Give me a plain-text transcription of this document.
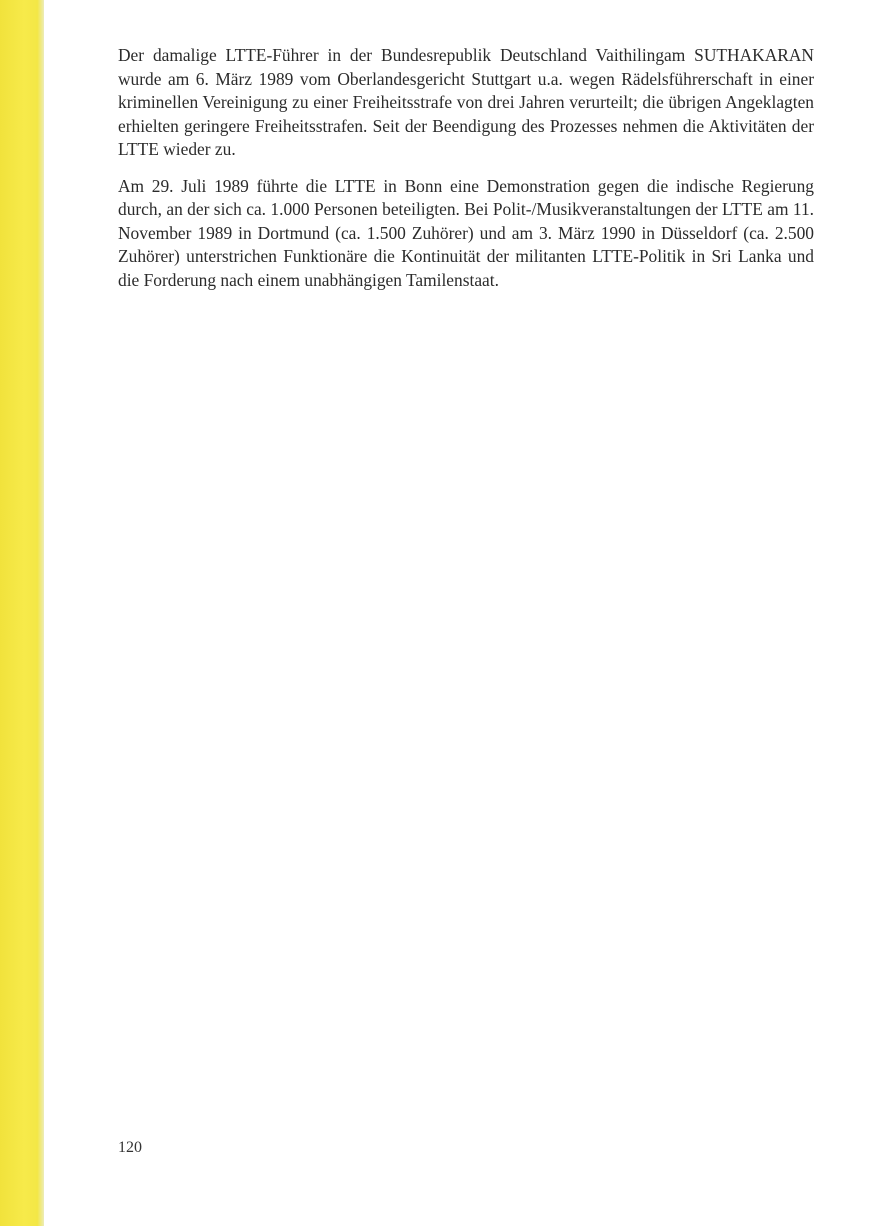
Der damalige LTTE-Führer in der Bundesrepublik Deutschland Vaithilingam SUTHAKARAN wurde am 6. März 1989 vom Oberlandesgericht Stuttgart u.a. wegen Rädelsführerschaft in einer kriminellen Vereinigung zu einer Freiheitsstrafe von drei Jahren verurteilt; die übrigen Angeklagten erhielten geringere Freiheitsstrafen. Seit der Beendigung des Prozesses nehmen die Aktivitäten der LTTE wieder zu.

Am 29. Juli 1989 führte die LTTE in Bonn eine Demonstration gegen die indische Regierung durch, an der sich ca. 1.000 Personen beteiligten. Bei Polit-/Musikveranstaltungen der LTTE am 11. November 1989 in Dortmund (ca. 1.500 Zuhörer) und am 3. März 1990 in Düsseldorf (ca. 2.500 Zuhörer) unterstrichen Funktionäre die Kontinuität der militanten LTTE-Politik in Sri Lanka und die Forderung nach einem unabhängigen Tamilenstaat.

120
